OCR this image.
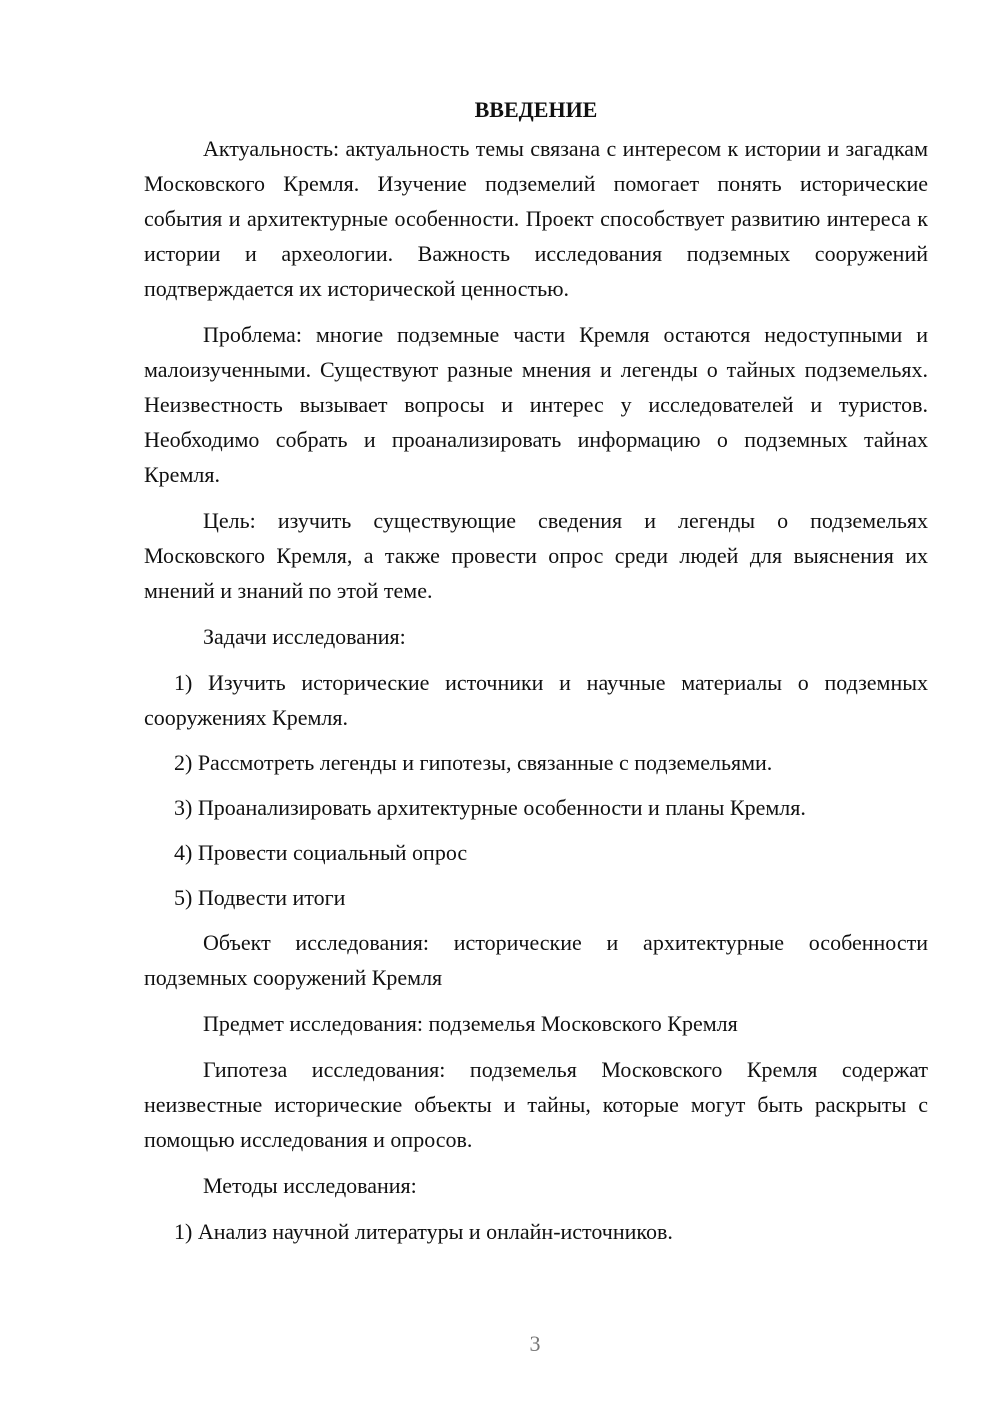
ВВЕДЕНИЕ
Актуальность: актуальность темы связана с интересом к истории и загадкам Московского Кремля. Изучение подземелий помогает понять исторические события и архитектурные особенности. Проект способствует развитию интереса к истории и археологии. Важность исследования подземных сооружений подтверждается их исторической ценностью.
Проблема: многие подземные части Кремля остаются недоступными и малоизученными. Существуют разные мнения и легенды о тайных подземельях. Неизвестность вызывает вопросы и интерес у исследователей и туристов. Необходимо собрать и проанализировать информацию о подземных тайнах Кремля.
Цель: изучить существующие сведения и легенды о подземельях Московского Кремля, а также провести опрос среди людей для выяснения их мнений и знаний по этой теме.
Задачи исследования:
1) Изучить исторические источники и научные материалы о подземных сооружениях Кремля.
2) Рассмотреть легенды и гипотезы, связанные с подземельями.
3) Проанализировать архитектурные особенности и планы Кремля.
4) Провести социальный опрос
5) Подвести итоги
Объект исследования: исторические и архитектурные особенности подземных сооружений Кремля
Предмет исследования: подземелья Московского Кремля
Гипотеза исследования: подземелья Московского Кремля содержат неизвестные исторические объекты и тайны, которые могут быть раскрыты с помощью исследования и опросов.
Методы исследования:
1) Анализ научной литературы и онлайн-источников.
3
